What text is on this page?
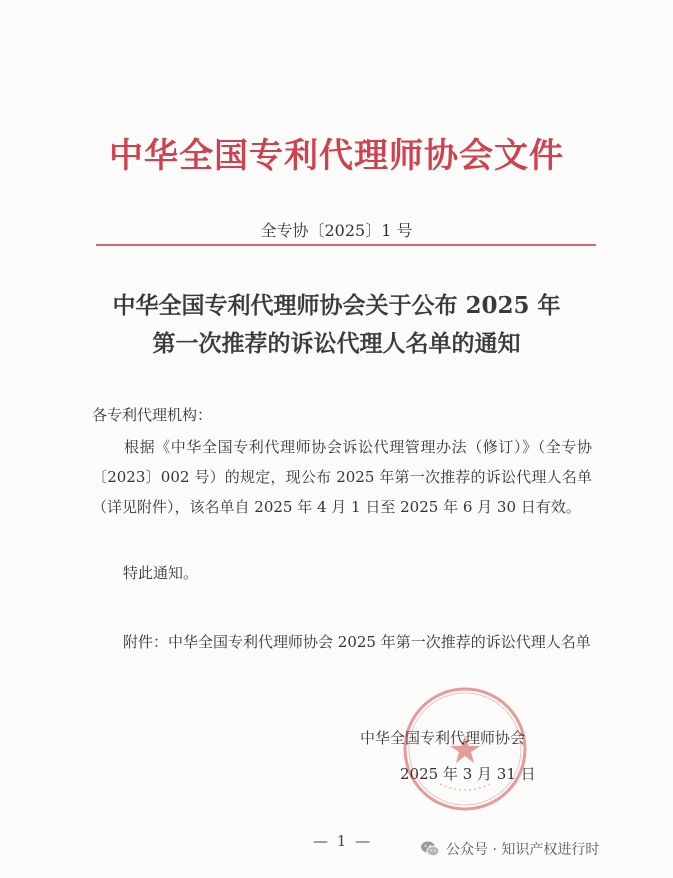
中华全国专利代理师协会文件
全专协〔2025〕1 号
中华全国专利代理师协会关于公布 2025 年
第一次推荐的诉讼代理人名单的通知
各专利代理机构：
根据《中华全国专利代理师协会诉讼代理管理办法（修订）》（全专协〔2023〕002 号）的规定，现公布 2025 年第一次推荐的诉讼代理人名单（详见附件），该名单自 2025 年 4 月 1 日至 2025 年 6 月 30 日有效。
特此通知。
附件：中华全国专利代理师协会 2025 年第一次推荐的诉讼代理人名单
中华全国专利代理师协会
2025 年 3 月 31 日
— 1 —	公众号 · 知识产权进行时
